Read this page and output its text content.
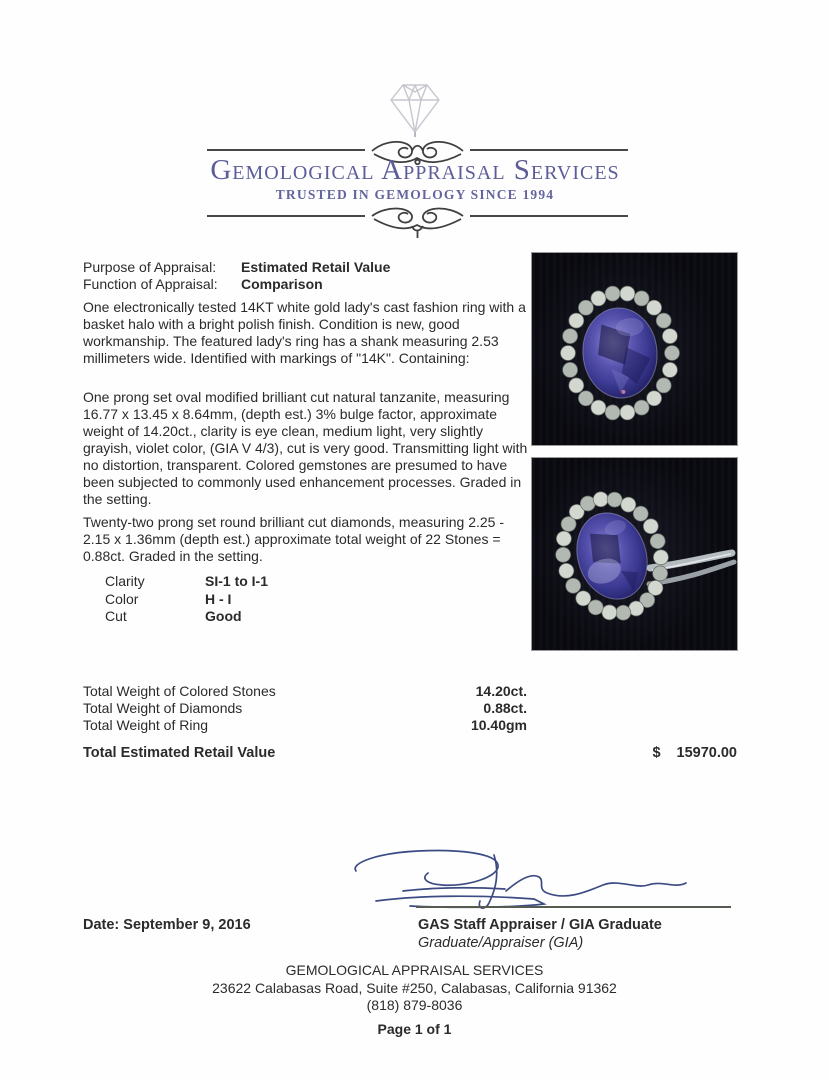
Gemological Appraisal Services
TRUSTED IN GEMOLOGY SINCE 1994
Purpose of Appraisal:	Estimated Retail Value
Function of Appraisal:	Comparison
One electronically tested 14KT white gold lady's cast fashion ring with a basket halo with a bright polish finish. Condition is new, good workmanship. The featured lady's ring has a shank measuring 2.53 millimeters wide. Identified with markings of "14K". Containing:
One prong set oval modified brilliant cut natural tanzanite, measuring 16.77 x 13.45 x 8.64mm, (depth est.) 3% bulge factor, approximate weight of 14.20ct., clarity is eye clean, medium light, very slightly grayish, violet color, (GIA V 4/3), cut is very good. Transmitting light with no distortion, transparent. Colored gemstones are presumed to have been subjected to commonly used enhancement processes. Graded in the setting.
Twenty-two prong set round brilliant cut diamonds, measuring 2.25 - 2.15 x 1.36mm (depth est.) approximate total weight of 22 Stones = 0.88ct. Graded in the setting.
Clarity	SI-1 to I-1
Color	H - I
Cut	Good
Total Weight of Colored Stones	14.20ct.
Total Weight of Diamonds	0.88ct.
Total Weight of Ring	10.40gm
Total Estimated Retail Value	$ 15970.00
Date: September 9, 2016	GAS Staff Appraiser / GIA Graduate
Graduate/Appraiser (GIA)
GEMOLOGICAL APPRAISAL SERVICES
23622 Calabasas Road, Suite #250, Calabasas, California 91362
(818) 879-8036
Page 1 of 1
